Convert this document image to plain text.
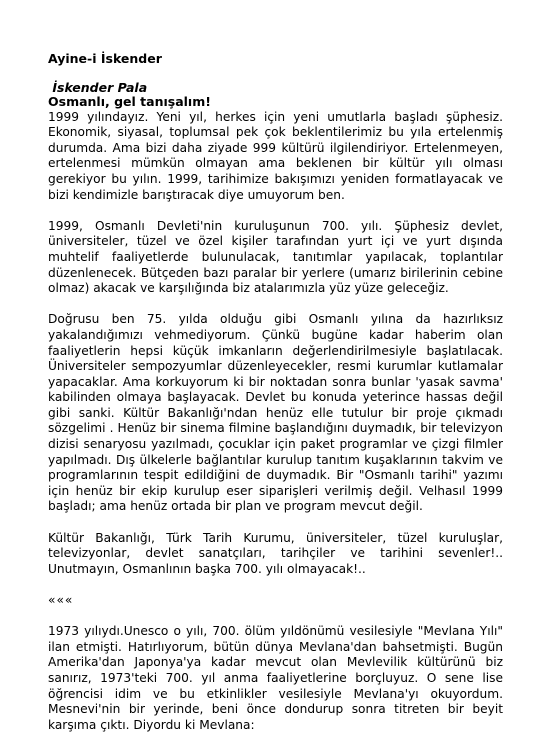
Ayine-i İskender
İskender Pala
Osmanlı, gel tanışalım!

1999 yılındayız. Yeni yıl, herkes için yeni umutlarla başladı şüphesiz. Ekonomik, siyasal, toplumsal pek çok beklentilerimiz bu yıla ertelenmiş durumda. Ama bizi daha ziyade 999 kültürü ilgilendiriyor. Ertelenmeyen, ertelenmesi mümkün olmayan ama beklenen bir kültür yılı olması gerekiyor bu yılın. 1999, tarihimize bakışımızı yeniden formatlayacak ve bizi kendimizle barıştıracak diye umuyorum ben.

1999, Osmanlı Devleti'nin kuruluşunun 700. yılı. Şüphesiz devlet, üniversiteler, tüzel ve özel kişiler tarafından yurt içi ve yurt dışında muhtelif faaliyetlerde bulunulacak, tanıtımlar yapılacak, toplantılar düzenlenecek. Bütçeden bazı paralar bir yerlere (umarız birilerinin cebine olmaz) akacak ve karşılığında biz atalarımızla yüz yüze geleceğiz.

Doğrusu ben 75. yılda olduğu gibi Osmanlı yılına da hazırlıksız yakalandığımızı vehmediyorum. Çünkü bugüne kadar haberim olan faaliyetlerin hepsi küçük imkanların değerlendirilmesiyle başlatılacak. Üniversiteler sempozyumlar düzenleyecekler, resmi kurumlar kutlamalar yapacaklar. Ama korkuyorum ki bir noktadan sonra bunlar 'yasak savma' kabilinden olmaya başlayacak. Devlet bu konuda yeterince hassas değil gibi sanki. Kültür Bakanlığı'ndan henüz elle tutulur bir proje çıkmadı sözgelimi . Henüz bir sinema filmine başlandığını duymadık, bir televizyon dizisi senaryosu yazılmadı, çocuklar için paket programlar ve çizgi filmler yapılmadı. Dış ülkelerle bağlantılar kurulup tanıtım kuşaklarının takvim ve programlarının tespit edildiğini de duymadık. Bir "Osmanlı tarihi" yazımı için henüz bir ekip kurulup eser siparişleri verilmiş değil. Velhasıl 1999 başladı; ama henüz ortada bir plan ve program mevcut değil.

Kültür Bakanlığı, Türk Tarih Kurumu, üniversiteler, tüzel kuruluşlar, televizyonlar, devlet sanatçıları, tarihçiler ve tarihini sevenler!.. Unutmayın, Osmanlının başka 700. yılı olmayacak!..

«««

1973 yılıydı.Unesco o yılı, 700. ölüm yıldönümü vesilesiyle "Mevlana Yılı" ilan etmişti. Hatırlıyorum, bütün dünya Mevlana'dan bahsetmişti. Bugün Amerika'dan Japonya'ya kadar mevcut olan Mevlevilik kültürünü biz sanırız, 1973'teki 700. yıl anma faaliyetlerine borçluyuz. O sene lise öğrencisi idim ve bu etkinlikler vesilesiyle Mevlana'yı okuyordum. Mesnevi'nin bir yerinde, beni önce dondurup sonra titreten bir beyit karşıma çıktı. Diyordu ki Mevlana:
